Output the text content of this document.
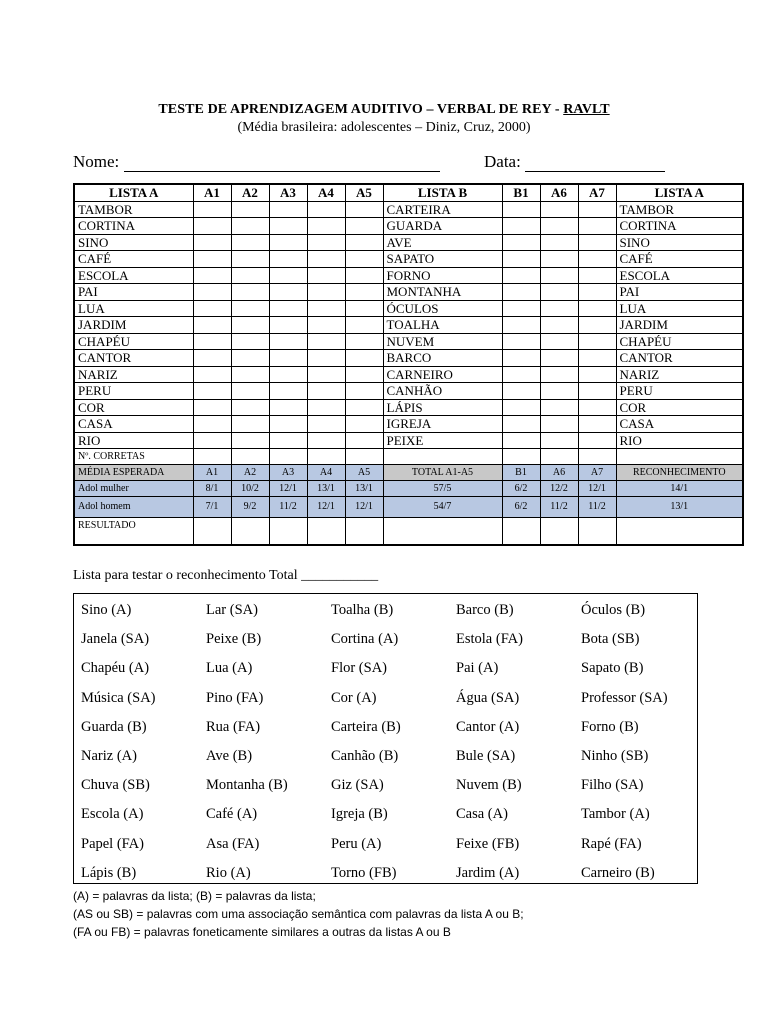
TESTE DE APRENDIZAGEM AUDITIVO – VERBAL DE REY - RAVLT
(Média brasileira: adolescentes – Diniz, Cruz, 2000)
Nome:	Data:
LISTA A	A1	A2	A3	A4	A5	LISTA B	B1	A6	A7	LISTA A
TAMBOR						CARTEIRA				TAMBOR
CORTINA						GUARDA				CORTINA
SINO						AVE				SINO
CAFÉ						SAPATO				CAFÉ
ESCOLA						FORNO				ESCOLA
PAI						MONTANHA				PAI
LUA						ÓCULOS				LUA
JARDIM						TOALHA				JARDIM
CHAPÉU						NUVEM				CHAPÉU
CANTOR						BARCO				CANTOR
NARIZ						CARNEIRO				NARIZ
PERU						CANHÃO				PERU
COR						LÁPIS				COR
CASA						IGREJA				CASA
RIO						PEIXE				RIO
Nº. CORRETAS										
MÉDIA ESPERADA	A1	A2	A3	A4	A5	TOTAL A1-A5	B1	A6	A7	RECONHECIMENTO
Adol mulher	8/1	10/2	12/1	13/1	13/1	57/5	6/2	12/2	12/1	14/1
Adol homem	7/1	9/2	11/2	12/1	12/1	54/7	6/2	11/2	11/2	13/1
RESULTADO										
Lista para testar o reconhecimento Total ___________
Sino (A)	Lar (SA)	Toalha (B)	Barco (B)	Óculos (B)
Janela (SA)	Peixe (B)	Cortina (A)	Estola (FA)	Bota (SB)
Chapéu (A)	Lua (A)	Flor (SA)	Pai (A)	Sapato (B)
Música (SA)	Pino (FA)	Cor (A)	Água (SA)	Professor (SA)
Guarda (B)	Rua (FA)	Carteira (B)	Cantor (A)	Forno (B)
Nariz (A)	Ave (B)	Canhão (B)	Bule (SA)	Ninho (SB)
Chuva (SB)	Montanha (B)	Giz (SA)	Nuvem (B)	Filho (SA)
Escola (A)	Café (A)	Igreja (B)	Casa (A)	Tambor (A)
Papel (FA)	Asa (FA)	Peru (A)	Feixe (FB)	Rapé (FA)
Lápis (B)	Rio (A)	Torno (FB)	Jardim (A)	Carneiro (B)
(A) = palavras da lista; (B) = palavras da lista;
(AS ou SB) = palavras com uma associação semântica com palavras da lista A ou B;
(FA ou FB) = palavras foneticamente similares a outras da listas A ou B
